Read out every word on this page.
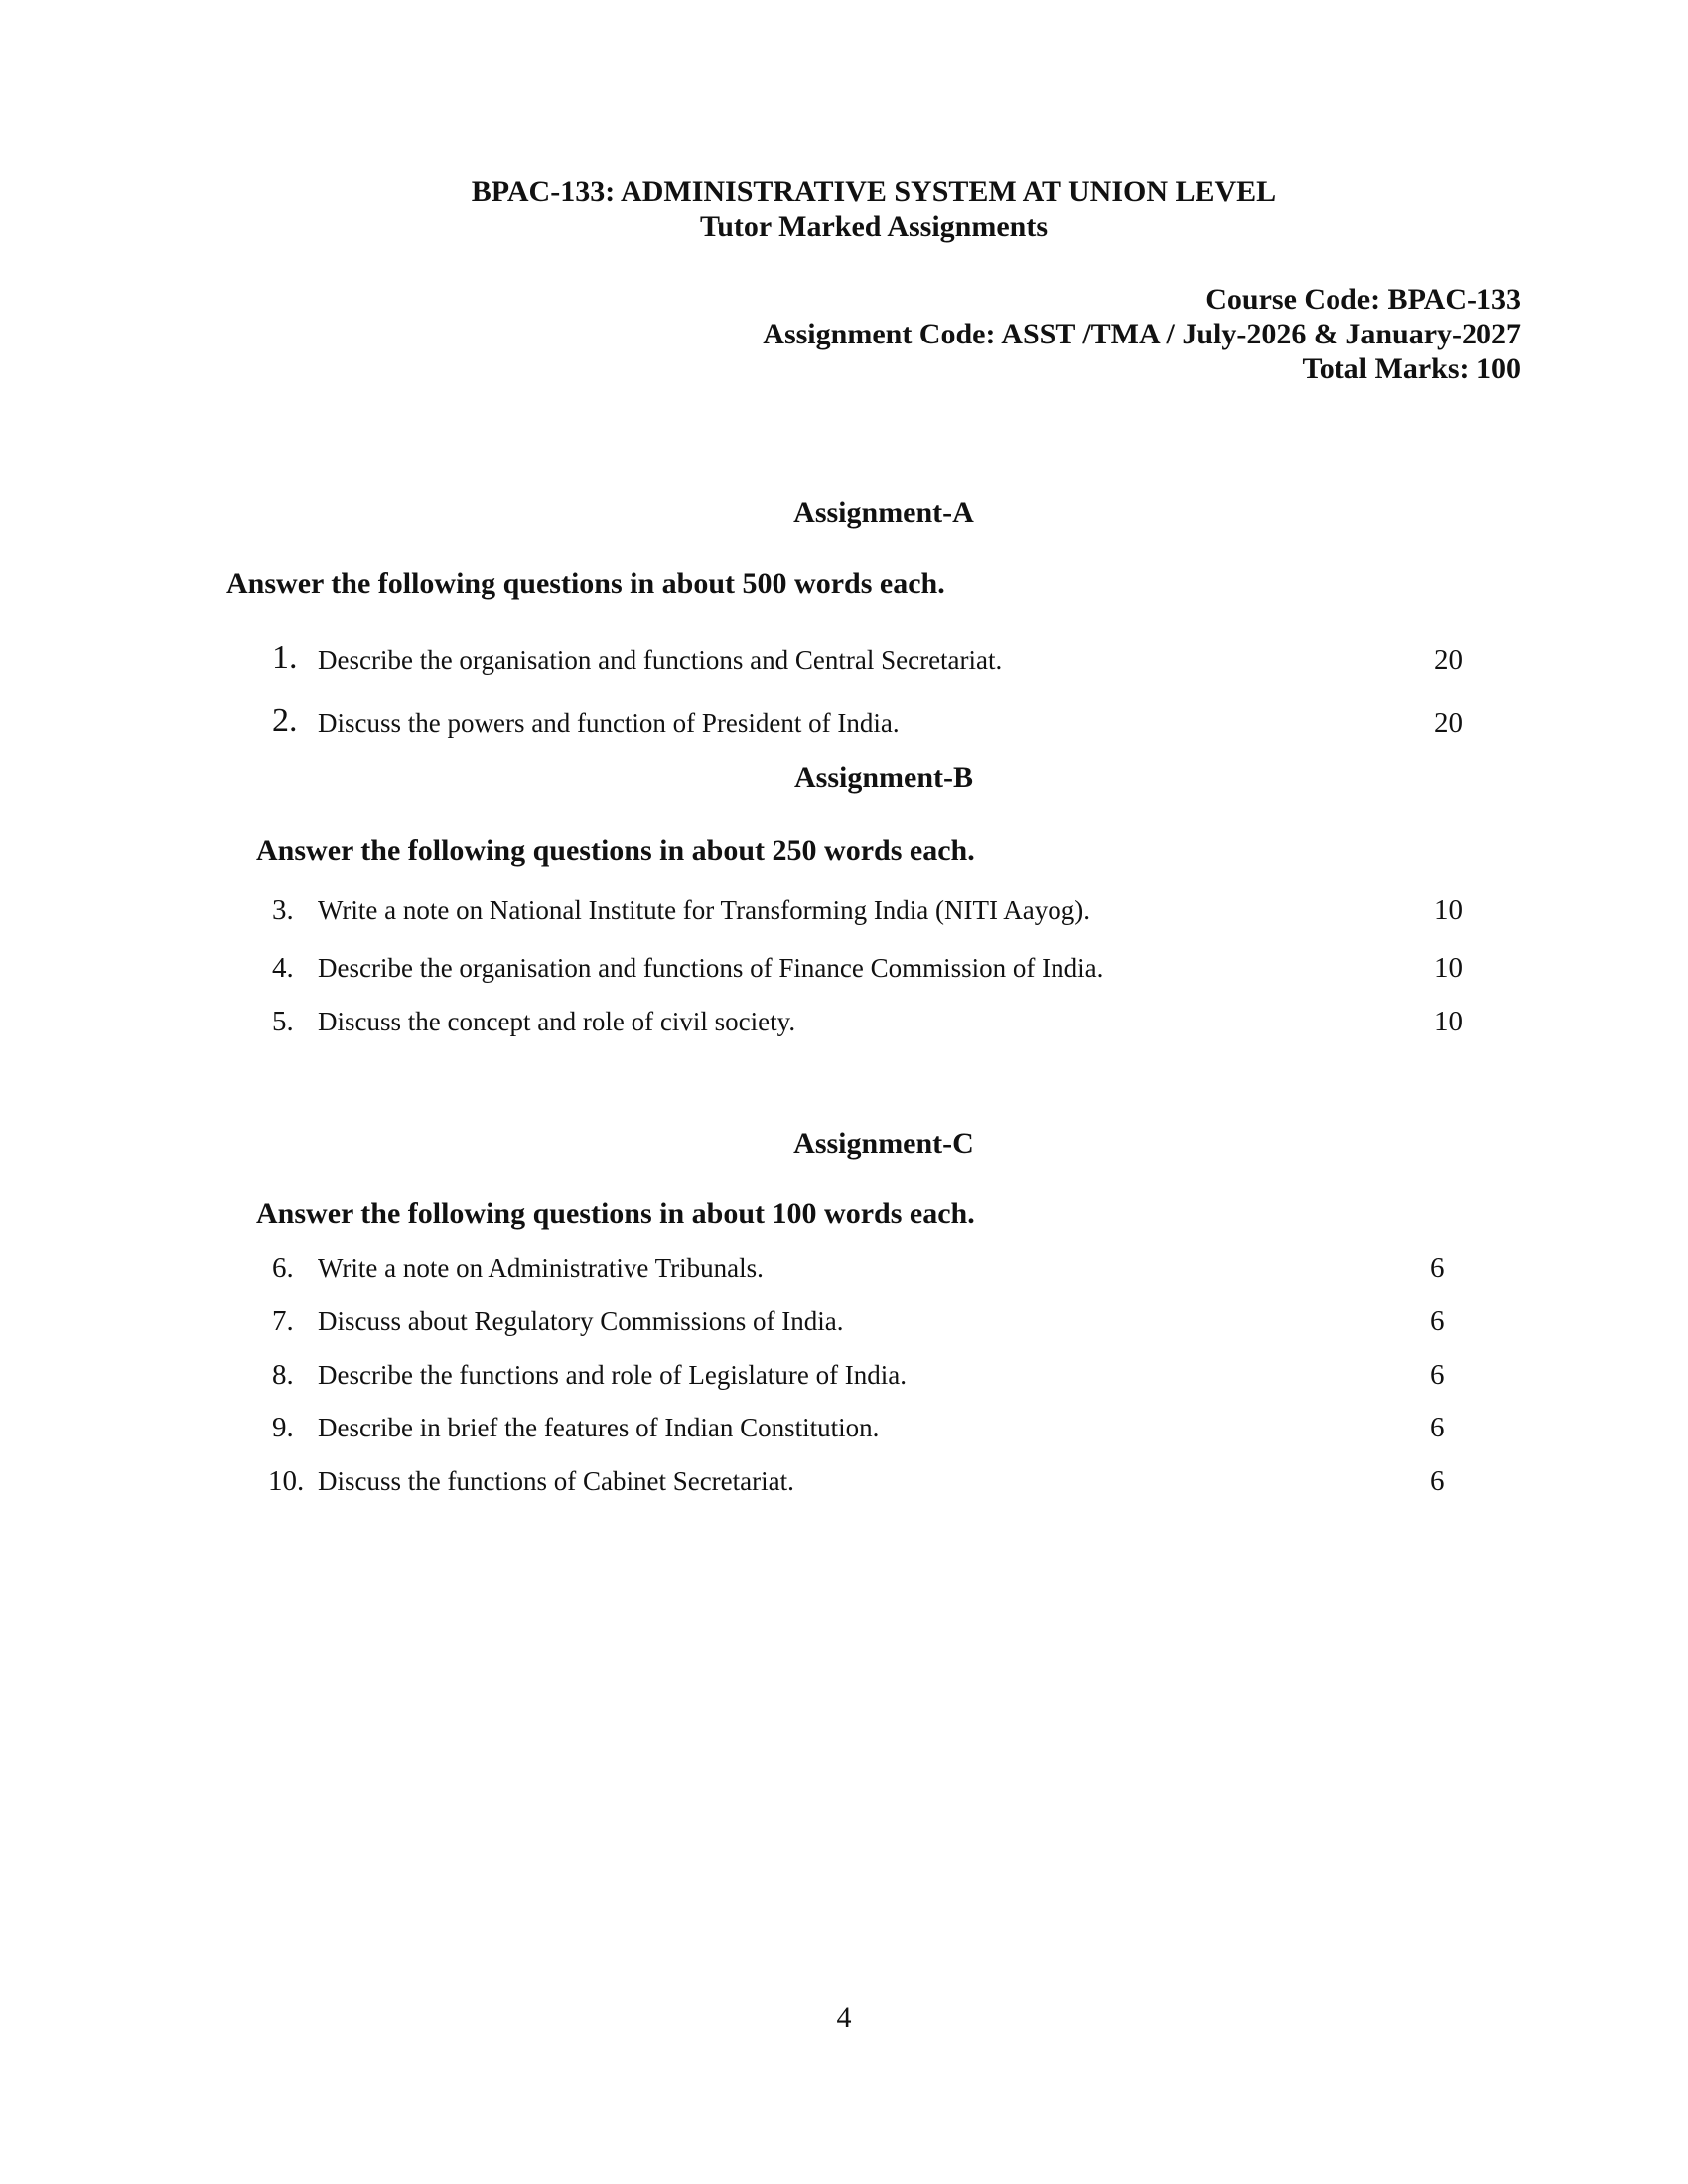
BPAC-133: ADMINISTRATIVE SYSTEM AT UNION LEVEL
Tutor Marked Assignments
Course Code: BPAC-133
Assignment Code: ASST /TMA / July-2026 & January-2027
Total Marks: 100
Assignment-A
Answer the following questions in about 500 words each.
1. Describe the organisation and functions and Central Secretariat.	20
2. Discuss the powers and function of President of India.	20
Assignment-B
Answer the following questions in about 250 words each.
3. Write a note on National Institute for Transforming India (NITI Aayog).	10
4. Describe the organisation and functions of Finance Commission of India.	10
5. Discuss the concept and role of civil society.	10
Assignment-C
Answer the following questions in about 100 words each.
6. Write a note on Administrative Tribunals.	6
7. Discuss about Regulatory Commissions of India.	6
8. Describe the functions and role of Legislature of India.	6
9. Describe in brief the features of Indian Constitution.	6
10. Discuss the functions of Cabinet Secretariat.	6
4
